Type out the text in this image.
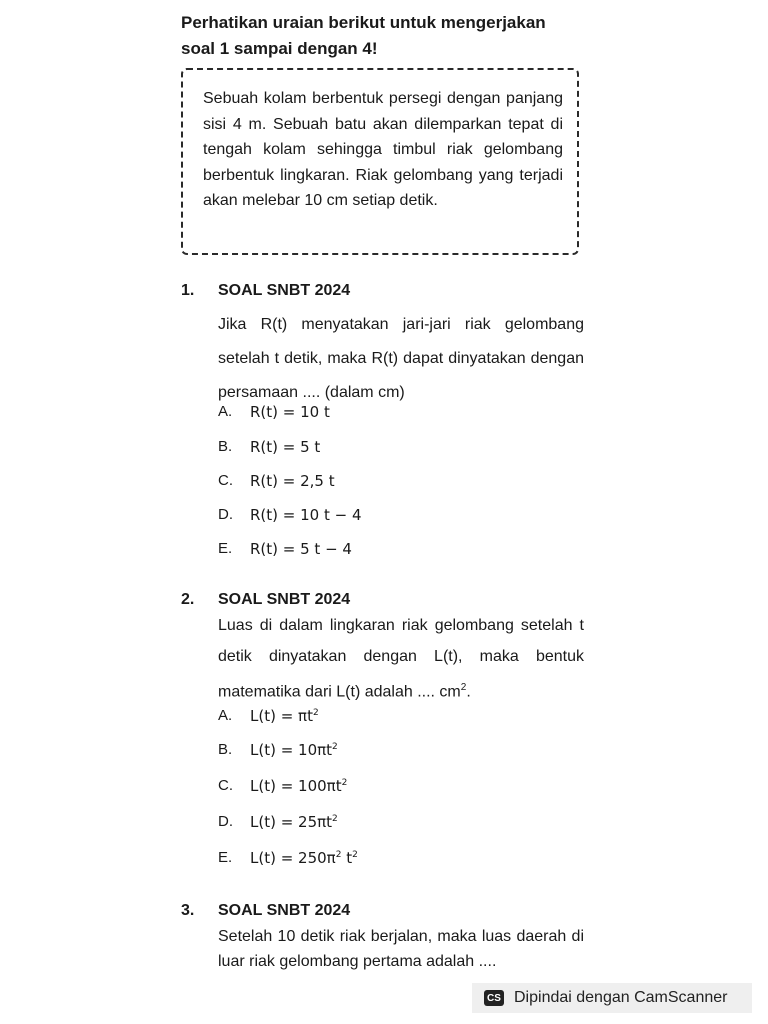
Perhatikan uraian berikut untuk mengerjakan
soal 1 sampai dengan 4!
Sebuah kolam berbentuk persegi dengan panjang sisi 4 m. Sebuah batu akan dilemparkan tepat di tengah kolam sehingga timbul riak gelombang berbentuk lingkaran. Riak gelombang yang terjadi akan melebar 10 cm setiap detik.
1. SOAL SNBT 2024
Jika R(t) menyatakan jari-jari riak gelombang setelah t detik, maka R(t) dapat dinyatakan dengan persamaan .... (dalam cm)
A. R(t) = 10 t
B. R(t) = 5 t
C. R(t) = 2,5 t
D. R(t) = 10 t − 4
E. R(t) = 5 t − 4
2. SOAL SNBT 2024
Luas di dalam lingkaran riak gelombang setelah t detik dinyatakan dengan L(t), maka bentuk matematika dari L(t) adalah .... $cm^2$.
A. $L(t) = \pi t^2$
B. $L(t) = 10\pi t^2$
C. $L(t) = 100\pi t^2$
D. $L(t) = 25\pi t^2$
E. $L(t) = 250\pi^2$ $t^2$
3. SOAL SNBT 2024
Setelah 10 detik riak berjalan, maka luas daerah di luar riak gelombang pertama adalah ....
CS Dipindai dengan CamScanner
